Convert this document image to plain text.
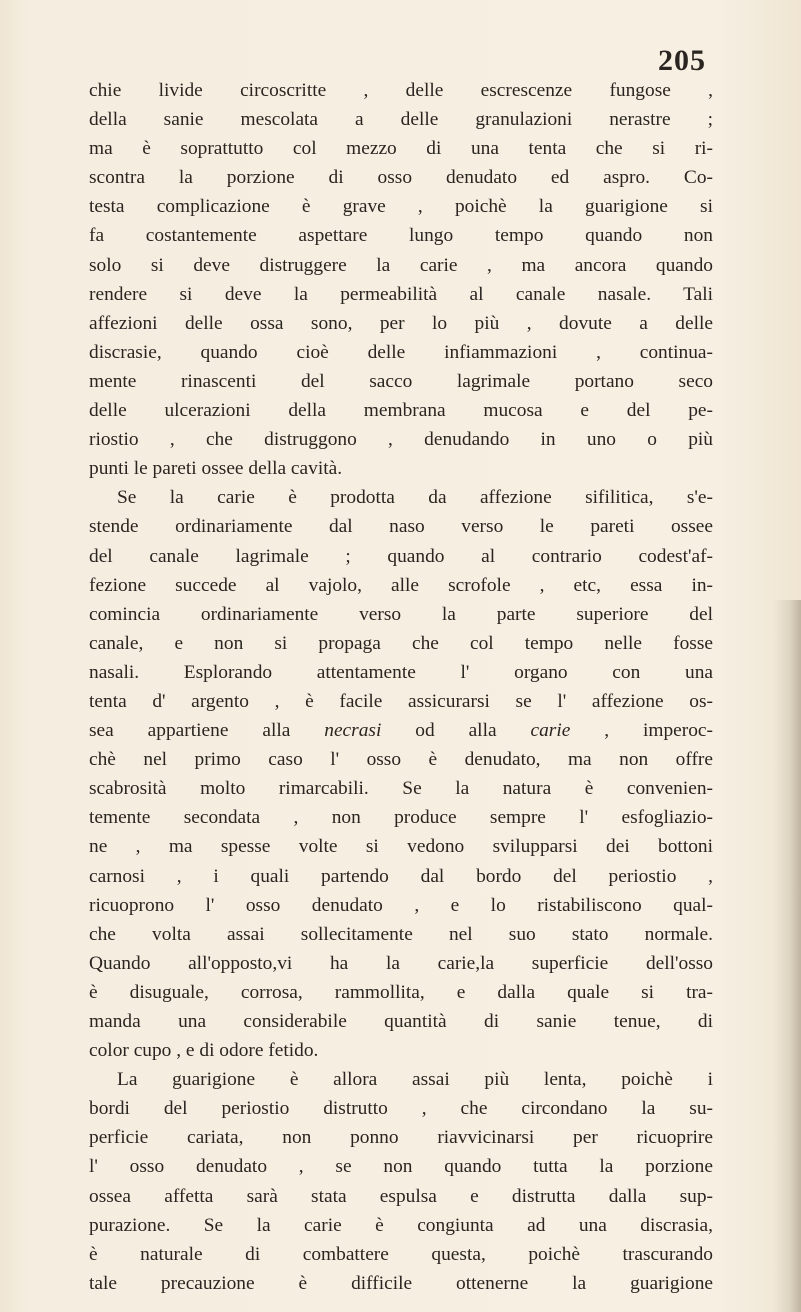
205
chie livide circoscritte , delle escrescenze fungose ,
della sanie mescolata a delle granulazioni nerastre ;
ma è soprattutto col mezzo di una tenta che si ri-
scontra la porzione di osso denudato ed aspro. Co-
testa complicazione è grave , poichè la guarigione si
fa costantemente aspettare lungo tempo quando non
solo si deve distruggere la carie , ma ancora quando
rendere si deve la permeabilità al canale nasale. Tali
affezioni delle ossa sono, per lo più , dovute a delle
discrasie, quando cioè delle infiammazioni , continua-
mente rinascenti del sacco lagrimale portano seco
delle ulcerazioni della membrana mucosa e del pe-
riostio , che distruggono , denudando in uno o più
punti le pareti ossee della cavità.
Se la carie è prodotta da affezione sifilitica, s'e-
stende ordinariamente dal naso verso le pareti ossee
del canale lagrimale ; quando al contrario codest'af-
fezione succede al vajolo, alle scrofole , etc, essa in-
comincia ordinariamente verso la parte superiore del
canale, e non si propaga che col tempo nelle fosse
nasali. Esplorando attentamente l' organo con una
tenta d' argento , è facile assicurarsi se l' affezione os-
sea appartiene alla necrasi od alla carie , imperoc-
chè nel primo caso l' osso è denudato, ma non offre
scabrosità molto rimarcabili. Se la natura è convenien-
temente secondata , non produce sempre l' esfogliazio-
ne , ma spesse volte si vedono svilupparsi dei bottoni
carnosi , i quali partendo dal bordo del periostio ,
ricuoprono l' osso denudato , e lo ristabiliscono qual-
che volta assai sollecitamente nel suo stato normale.
Quando all'opposto,vi ha la carie,la superficie dell'osso
è disuguale, corrosa, rammollita, e dalla quale si tra-
manda una considerabile quantità di sanie tenue, di
color cupo , e di odore fetido.
La guarigione è allora assai più lenta, poichè i
bordi del periostio distrutto , che circondano la su-
perficie cariata, non ponno riavvicinarsi per ricuoprire
l' osso denudato , se non quando tutta la porzione
ossea affetta sarà stata espulsa e distrutta dalla sup-
purazione. Se la carie è congiunta ad una discrasia,
è naturale di combattere questa, poichè trascurando
tale precauzione è difficile ottenerne la guarigione
